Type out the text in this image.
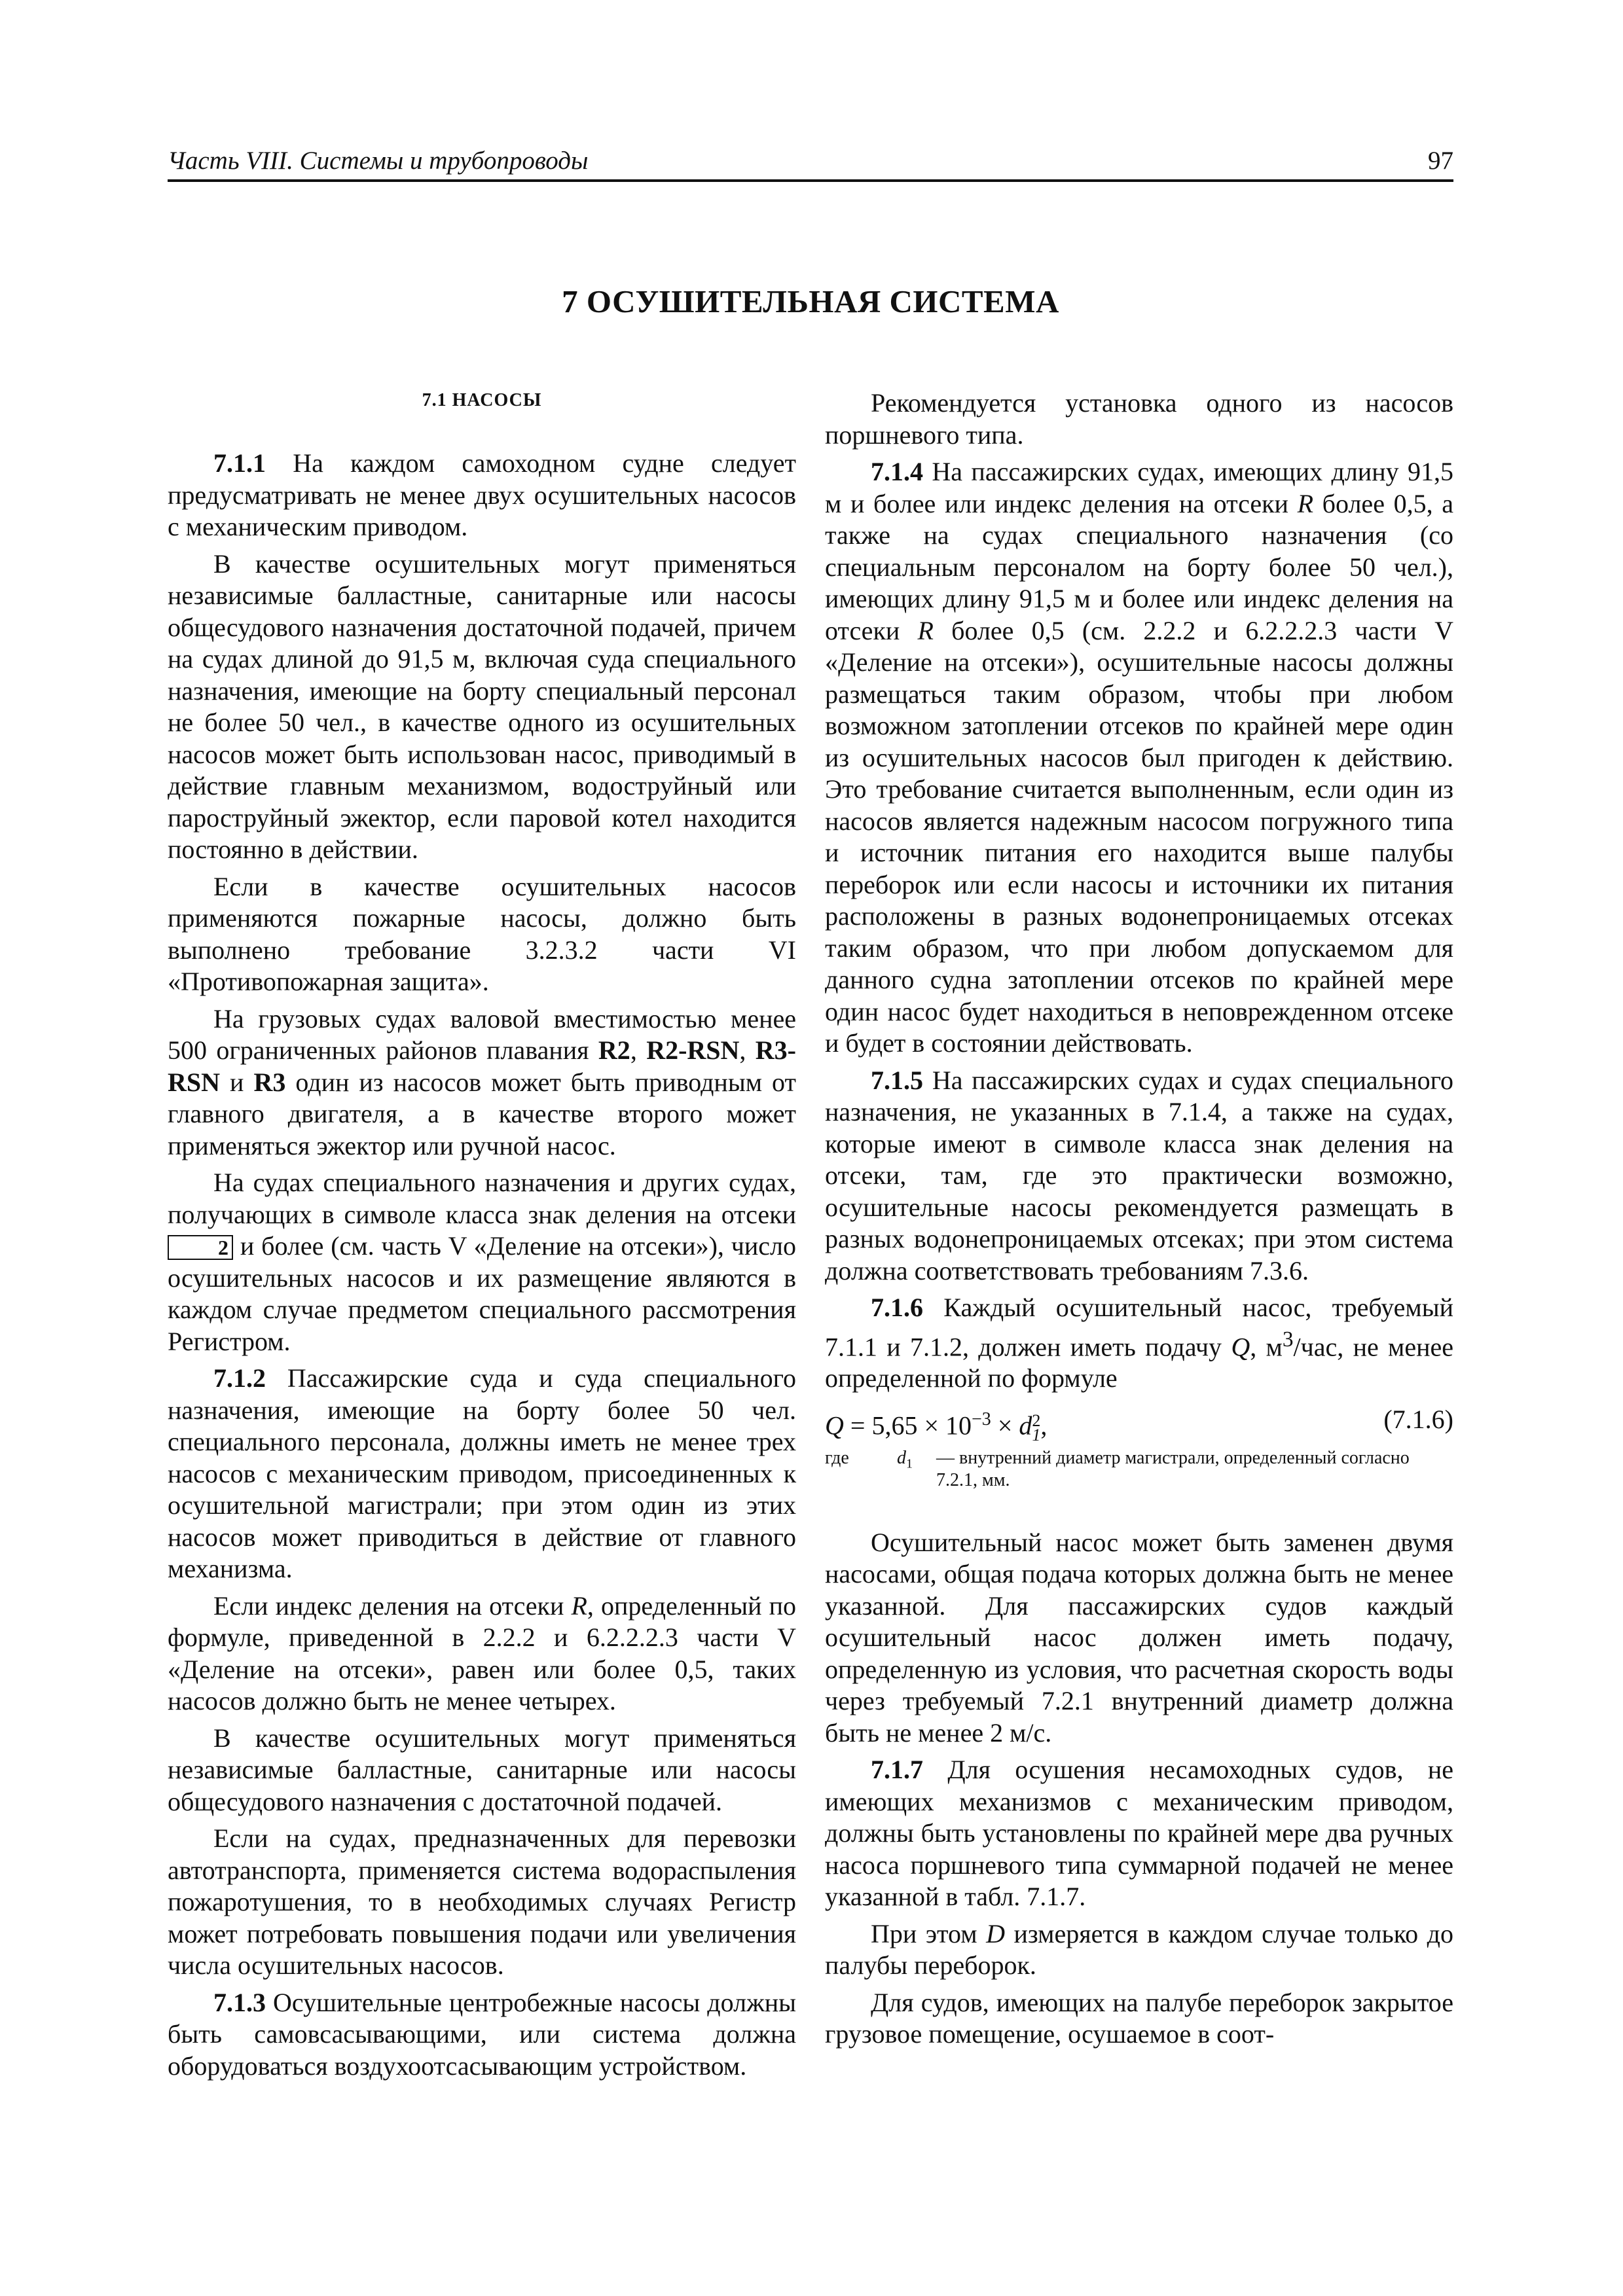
Часть VIII. Системы и трубопроводы	97
7 ОСУШИТЕЛЬНАЯ СИСТЕМА
7.1 НАСОСЫ

7.1.1 На каждом самоходном судне следует предусматривать не менее двух осушительных насосов с механическим приводом.

В качестве осушительных могут применяться независимые балластные, санитарные или насосы общесудового назначения достаточной подачей, причем на судах длиной до 91,5 м, включая суда специального назначения, имеющие на борту специальный персонал не более 50 чел., в качестве одного из осушительных насосов может быть использован насос, приводимый в действие главным механизмом, водоструйный или пароструйный эжектор, если паровой котел находится постоянно в действии.

Если в качестве осушительных насосов применяются пожарные насосы, должно быть выполнено требование 3.2.3.2 части VI «Противопожарная защита».

На грузовых судах валовой вместимостью менее 500 ограниченных районов плавания R2, R2-RSN, R3-RSN и R3 один из насосов может быть приводным от главного двигателя, а в качестве второго может применяться эжектор или ручной насос.

На судах специального назначения и других судах, получающих в символе класса знак деления на отсеки 2 и более (см. часть V «Деление на отсеки»), число осушительных насосов и их размещение являются в каждом случае предметом специального рассмотрения Регистром.

7.1.2 Пассажирские суда и суда специального назначения, имеющие на борту более 50 чел. специального персонала, должны иметь не менее трех насосов с механическим приводом, присоединенных к осушительной магистрали; при этом один из этих насосов может приводиться в действие от главного механизма.

Если индекс деления на отсеки R, определенный по формуле, приведенной в 2.2.2 и 6.2.2.2.3 части V «Деление на отсеки», равен или более 0,5, таких насосов должно быть не менее четырех.

В качестве осушительных могут применяться независимые балластные, санитарные или насосы общесудового назначения с достаточной подачей.

Если на судах, предназначенных для перевозки автотранспорта, применяется система водораспыления пожаротушения, то в необходимых случаях Регистр может потребовать повышения подачи или увеличения числа осушительных насосов.

7.1.3 Осушительные центробежные насосы должны быть самовсасывающими, или система должна оборудоваться воздухоотсасывающим устройством.

Рекомендуется установка одного из насосов поршневого типа.

7.1.4 На пассажирских судах, имеющих длину 91,5 м и более или индекс деления на отсеки R более 0,5, а также на судах специального назначения (со специальным персоналом на борту более 50 чел.), имеющих длину 91,5 м и более или индекс деления на отсеки R более 0,5 (см. 2.2.2 и 6.2.2.2.3 части V «Деление на отсеки»), осушительные насосы должны размещаться таким образом, чтобы при любом возможном затоплении отсеков по крайней мере один из осушительных насосов был пригоден к действию. Это требование считается выполненным, если один из насосов является надежным насосом погружного типа и источник питания его находится выше палубы переборок или если насосы и источники их питания расположены в разных водонепроницаемых отсеках таким образом, что при любом допускаемом для данного судна затоплении отсеков по крайней мере один насос будет находиться в неповрежденном отсеке и будет в состоянии действовать.

7.1.5 На пассажирских судах и судах специального назначения, не указанных в 7.1.4, а также на судах, которые имеют в символе класса знак деления на отсеки, там, где это практически возможно, осушительные насосы рекомендуется размещать в разных водонепроницаемых отсеках; при этом система должна соответствовать требованиям 7.3.6.

7.1.6 Каждый осушительный насос, требуемый 7.1.1 и 7.1.2, должен иметь подачу Q, $м^3$/час, не менее определенной по формуле

$Q = 5,65 \times 10^{-3} \times d$ 2
1 ,	(7.1.6)
где	$d_1$ — внутренний диаметр магистрали, определенный согласно 7.2.1, мм.

Осушительный насос может быть заменен двумя насосами, общая подача которых должна быть не менее указанной. Для пассажирских судов каждый осушительный насос должен иметь подачу, определенную из условия, что расчетная скорость воды через требуемый 7.2.1 внутренний диаметр должна быть не менее 2 м/с.

7.1.7 Для осушения несамоходных судов, не имеющих механизмов с механическим приводом, должны быть установлены по крайней мере два ручных насоса поршневого типа суммарной подачей не менее указанной в табл. 7.1.7.

При этом D измеряется в каждом случае только до палубы переборок.

Для судов, имеющих на палубе переборок закрытое грузовое помещение, осушаемое в соот-
